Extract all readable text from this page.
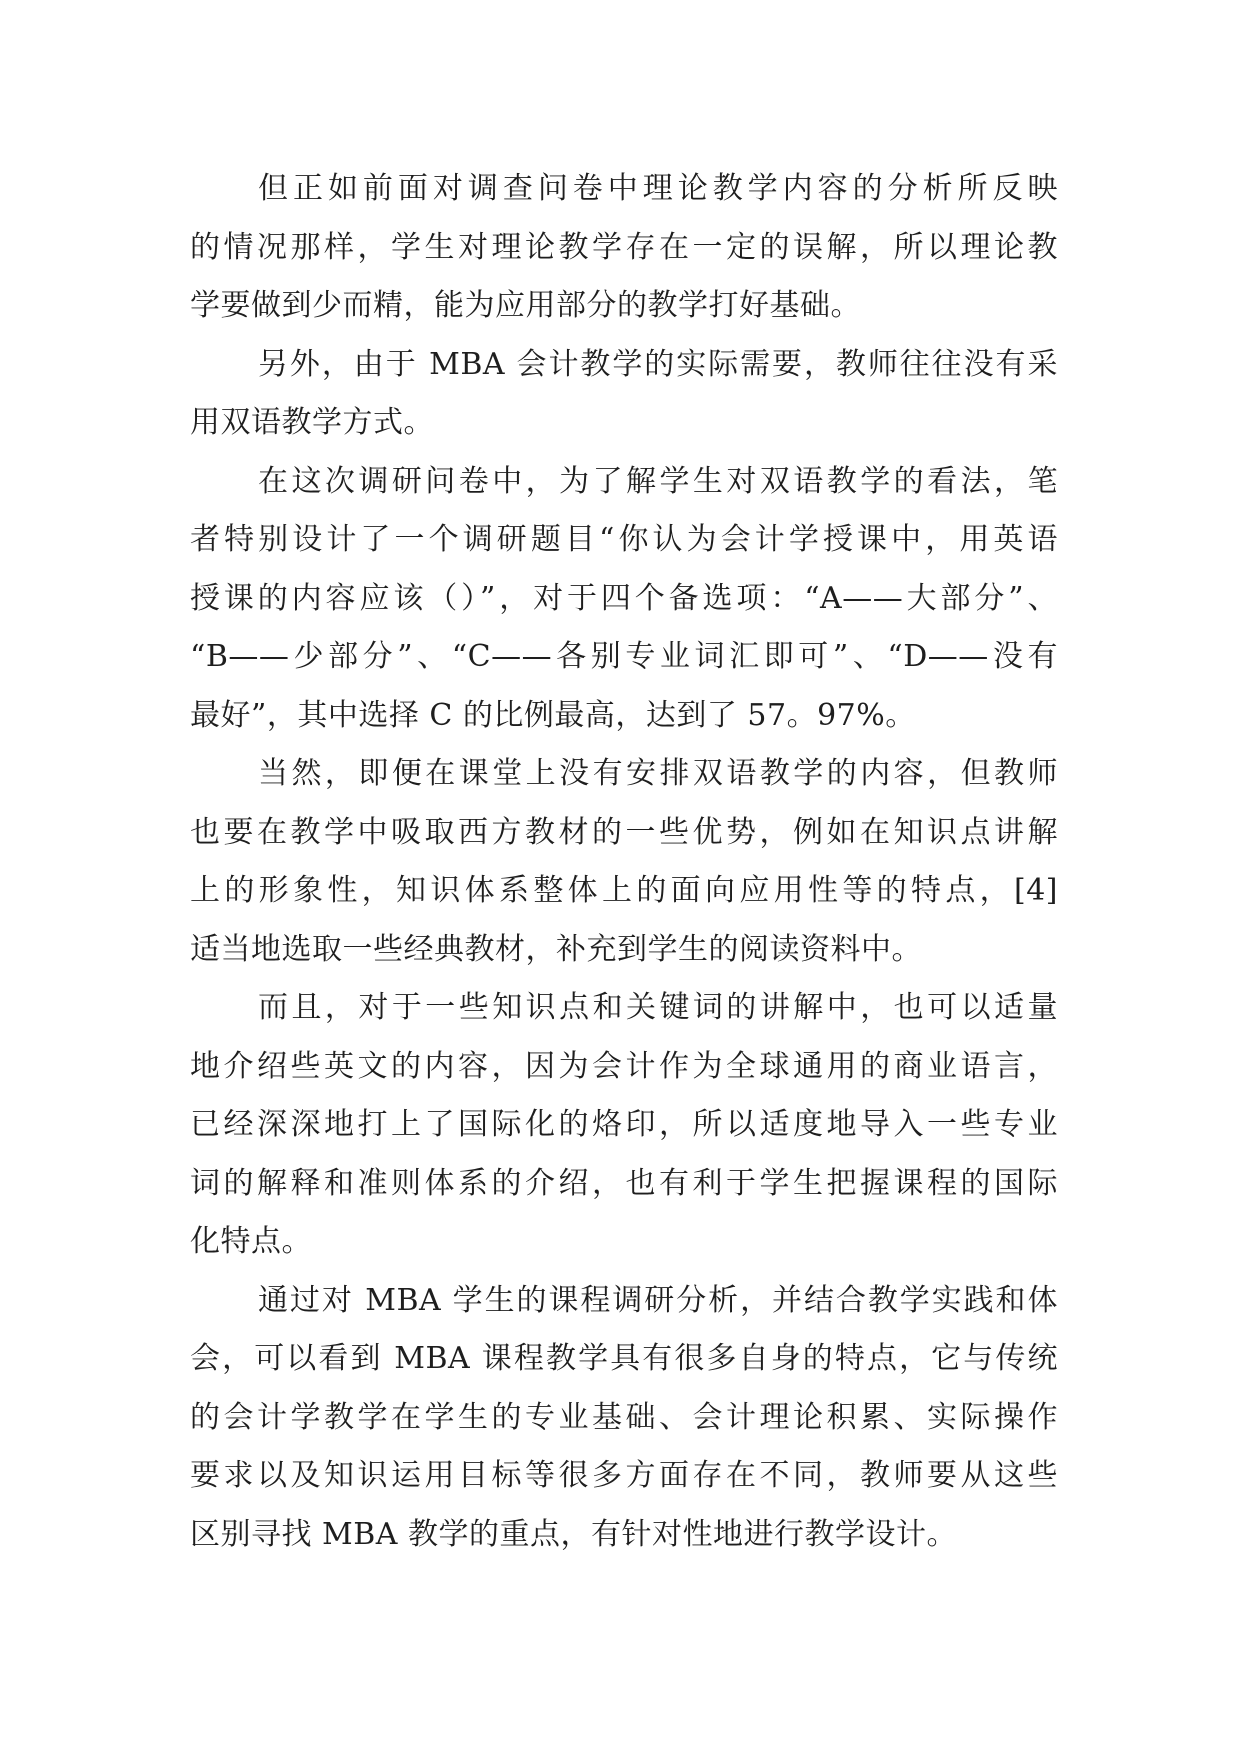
但正如前面对调查问卷中理论教学内容的分析所反映
的情况那样，学生对理论教学存在一定的误解，所以理论教
学要做到少而精，能为应用部分的教学打好基础。
另外，由于 MBA 会计教学的实际需要，教师往往没有采
用双语教学方式。
在这次调研问卷中，为了解学生对双语教学的看法，笔
者特别设计了一个调研题目“你认为会计学授课中，用英语
授课的内容应该（）”，对于四个备选项：“A——大部分”、
“B——少部分”、“C——各别专业词汇即可”、“D——没有
最好”，其中选择 C 的比例最高，达到了 57。97%。
当然，即便在课堂上没有安排双语教学的内容，但教师
也要在教学中吸取西方教材的一些优势，例如在知识点讲解
上的形象性，知识体系整体上的面向应用性等的特点，[4]
适当地选取一些经典教材，补充到学生的阅读资料中。
而且，对于一些知识点和关键词的讲解中，也可以适量
地介绍些英文的内容，因为会计作为全球通用的商业语言，
已经深深地打上了国际化的烙印，所以适度地导入一些专业
词的解释和准则体系的介绍，也有利于学生把握课程的国际
化特点。
通过对 MBA 学生的课程调研分析，并结合教学实践和体
会，可以看到 MBA 课程教学具有很多自身的特点，它与传统
的会计学教学在学生的专业基础、会计理论积累、实际操作
要求以及知识运用目标等很多方面存在不同，教师要从这些
区别寻找 MBA 教学的重点，有针对性地进行教学设计。
